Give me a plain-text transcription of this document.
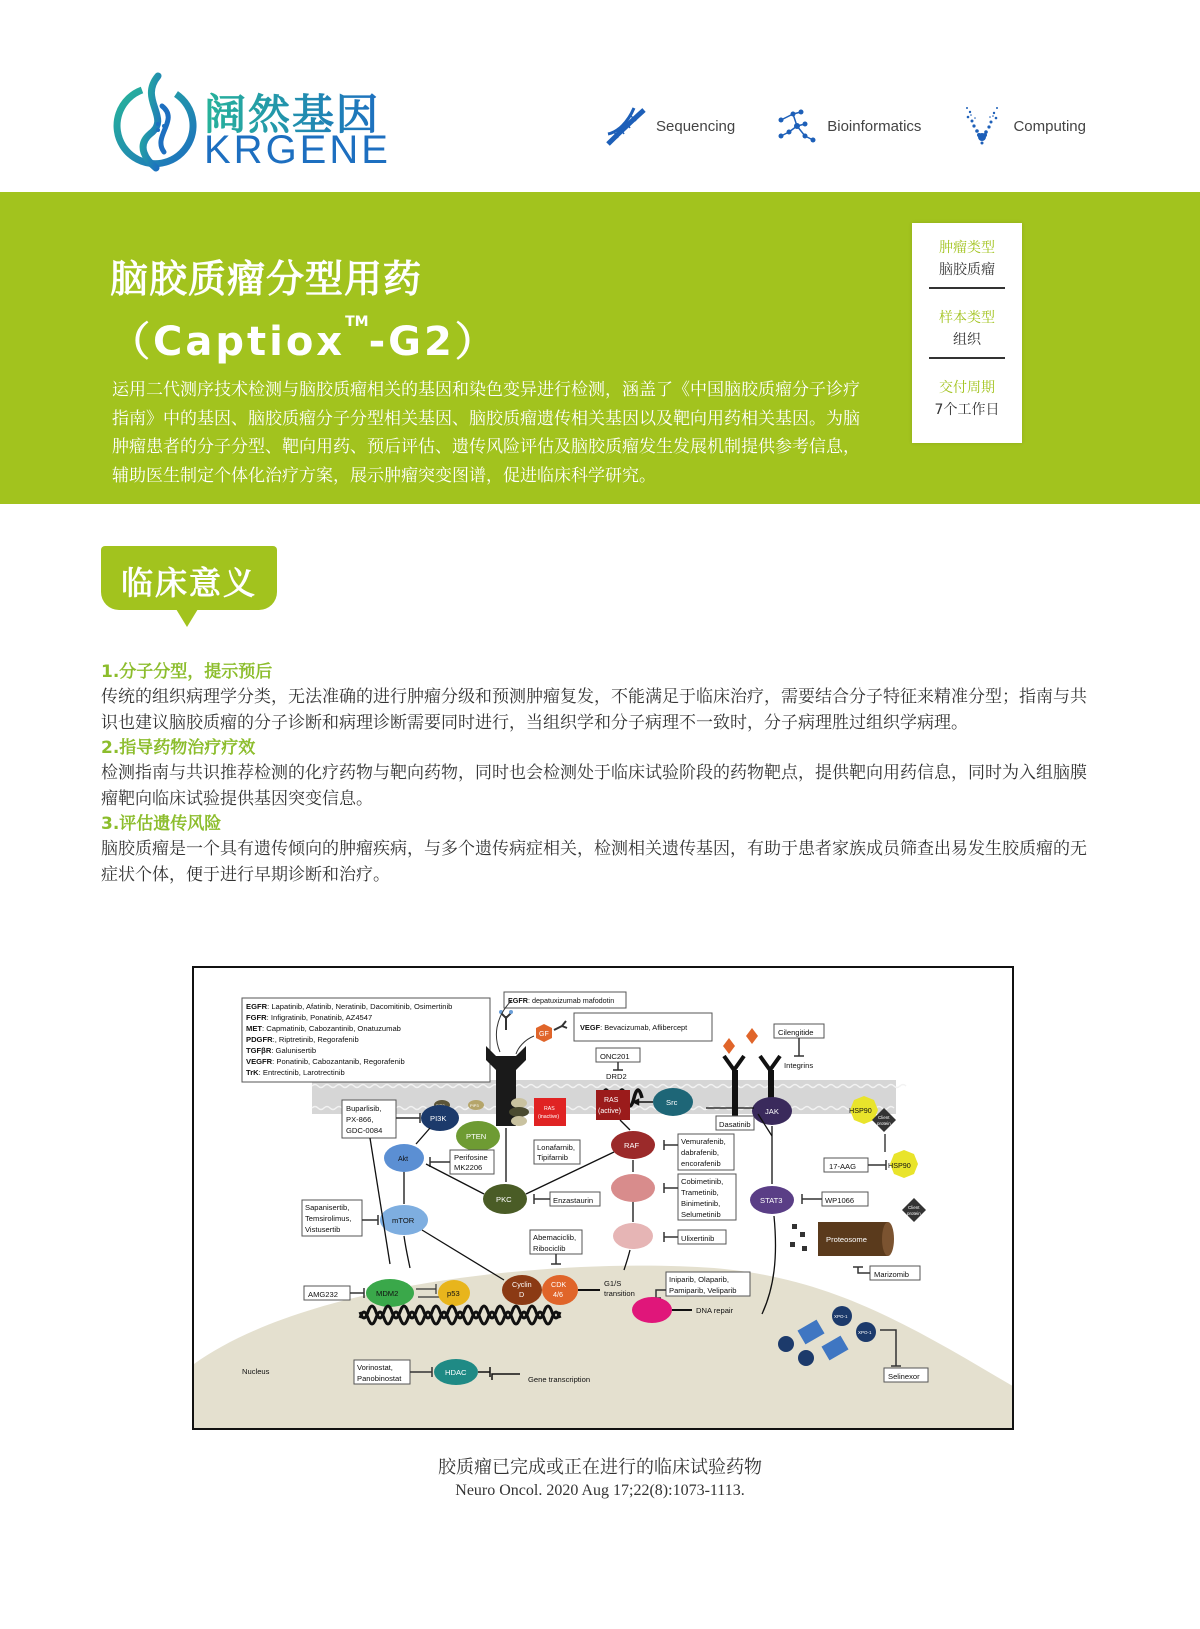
阔然基因
KRGENE
Sequencing	Bioinformatics	Computing
脑胶质瘤分型用药
（Captiox™-G2）
运用二代测序技术检测与脑胶质瘤相关的基因和染色变异进行检测，涵盖了《中国脑胶质瘤分子诊疗指南》中的基因、脑胶质瘤分子分型相关基因、脑胶质瘤遗传相关基因以及靶向用药相关基因。为脑肿瘤患者的分子分型、靶向用药、预后评估、遗传风险评估及脑胶质瘤发生发展机制提供参考信息，辅助医生制定个体化治疗方案，展示肿瘤突变图谱，促进临床科学研究。
肿瘤类型
脑胶质瘤
样本类型
组织
交付周期
7个工作日
临床意义
1.分子分型，提示预后
传统的组织病理学分类，无法准确的进行肿瘤分级和预测肿瘤复发，不能满足于临床治疗，需要结合分子特征来精准分型；指南与共识也建议脑胶质瘤的分子诊断和病理诊断需要同时进行，当组织学和分子病理不一致时，分子病理胜过组织学病理。
2.指导药物治疗疗效
检测指南与共识推荐检测的化疗药物与靶向药物，同时也会检测处于临床试验阶段的药物靶点，提供靶向用药信息，同时为入组脑膜瘤靶向临床试验提供基因突变信息。
3.评估遗传风险
脑胶质瘤是一个具有遗传倾向的肿瘤疾病，与多个遗传病症相关，检测相关遗传基因，有助于患者家族成员筛查出易发生胶质瘤的无症状个体，便于进行早期诊断和治疗。
EGFR: Lapatinib, Afatinib, Neratinib, Dacomitinib, Osimertinib
FGFR: Infigratinib, Ponatinib, AZ4547
MET: Capmatinib, Cabozantinib, Onatuzumab
PDGFR:, Riptretinib, Regorafenib
TGFβR: Galunisertib
VEGFR: Ponatinib, Cabozantanib, Regorafenib
TrK: Entrectinib, Larotrectinib
EGFR: depatuxizumab mafodotin
VEGF: Bevacizumab, Aflibercept
GF
ONC201
DRD2
Cilengitide
Integrins
PIP3
Buparlisib, PX-866, GDC-0084
PI3K
PTEN
RAS (inactive)
RAS (active)
Src
Dasatinib
JAK	HSP90
Client protein
17-AAG	HSP90
Akt	Perifosine MK2206
Lonafarnib, Tipifarnib
RAF	Vemurafenib, dabrafenib, encorafenib
PKC	Enzastaurin
Cobimetinib, Trametinib, Binimetinib, Selumetinib
STAT3	WP1066
Sapanisertib, Temsirolimus, Vistusertib
mTOR
Abemaciclib, Ribociclib
Ulixertinib	Proteosome
Client protein
Marizomib
AMG232	MDM2	p53
Cyclin D
CDK 4/6
G1/S transition
Iniparib, Olaparib, Pamiparib, Veliparib
DNA repair
XPO-1
XPO-1
Selinexor
Nucleus	Vorinostat, Panobinostat
HDAC
Gene transcription
胶质瘤已完成或正在进行的临床试验药物
Neuro Oncol. 2020 Aug 17;22(8):1073-1113.
